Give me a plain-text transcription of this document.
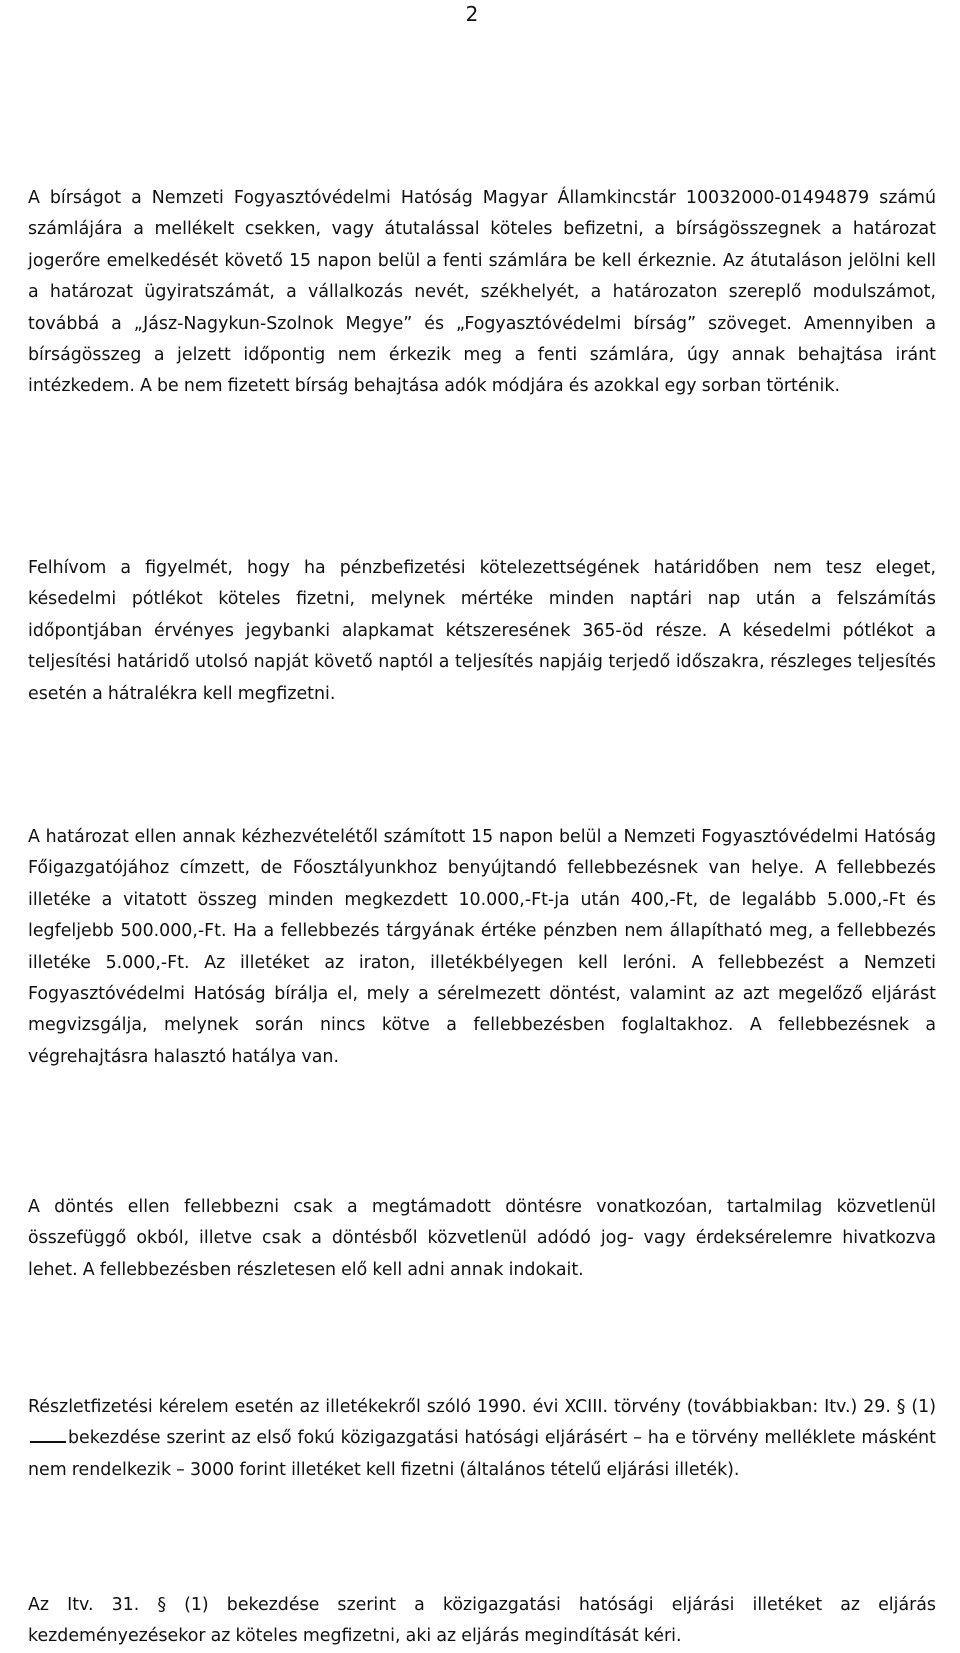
2

A bírságot a Nemzeti Fogyasztóvédelmi Hatóság Magyar Államkincstár 10032000-01494879 számú számlájára a mellékelt csekken, vagy átutalással köteles befizetni, a bírságösszegnek a határozat jogerőre emelkedését követő 15 napon belül a fenti számlára be kell érkeznie. Az átutaláson jelölni kell a határozat ügyiratszámát, a vállalkozás nevét, székhelyét, a határozaton szereplő modulszámot, továbbá a „Jász-Nagykun-Szolnok Megye” és „Fogyasztóvédelmi bírság” szöveget. Amennyiben a bírságösszeg a jelzett időpontig nem érkezik meg a fenti számlára, úgy annak behajtása iránt intézkedem. A be nem fizetett bírság behajtása adók módjára és azokkal egy sorban történik.

Felhívom a figyelmét, hogy ha pénzbefizetési kötelezettségének határidőben nem tesz eleget, késedelmi pótlékot köteles fizetni, melynek mértéke minden naptári nap után a felszámítás időpontjában érvényes jegybanki alapkamat kétszeresének 365-öd része. A késedelmi pótlékot a teljesítési határidő utolsó napját követő naptól a teljesítés napjáig terjedő időszakra, részleges teljesítés esetén a hátralékra kell megfizetni.

A határozat ellen annak kézhezvételétől számított 15 napon belül a Nemzeti Fogyasztóvédelmi Hatóság Főigazgatójához címzett, de Főosztályunkhoz benyújtandó fellebbezésnek van helye. A fellebbezés illetéke a vitatott összeg minden megkezdett 10.000,-Ft-ja után 400,-Ft, de legalább 5.000,-Ft és legfeljebb 500.000,-Ft. Ha a fellebbezés tárgyának értéke pénzben nem állapítható meg, a fellebbezés illetéke 5.000,-Ft. Az illetéket az iraton, illetékbélyegen kell leróni. A fellebbezést a Nemzeti Fogyasztóvédelmi Hatóság bírálja el, mely a sérelmezett döntést, valamint az azt megelőző eljárást megvizsgálja, melynek során nincs kötve a fellebbezésben foglaltakhoz. A fellebbezésnek a végrehajtásra halasztó hatálya van.

A döntés ellen fellebbezni csak a megtámadott döntésre vonatkozóan, tartalmilag közvetlenül összefüggő okból, illetve csak a döntésből közvetlenül adódó jog- vagy érdeksérelemre hivatkozva lehet. A fellebbezésben részletesen elő kell adni annak indokait.

Részletfizetési kérelem esetén az illetékekről szóló 1990. évi XCIII. törvény (továbbiakban: Itv.) 29. § (1)bekezdése szerint az első fokú közigazgatási hatósági eljárásért – ha e törvény melléklete másként nem rendelkezik – 3000 forint illetéket kell fizetni (általános tételű eljárási illeték).

Az Itv. 31. § (1) bekezdése szerint a közigazgatási hatósági eljárási illetéket az eljárás kezdeményezésekor az köteles megfizetni, aki az eljárás megindítását kéri.
